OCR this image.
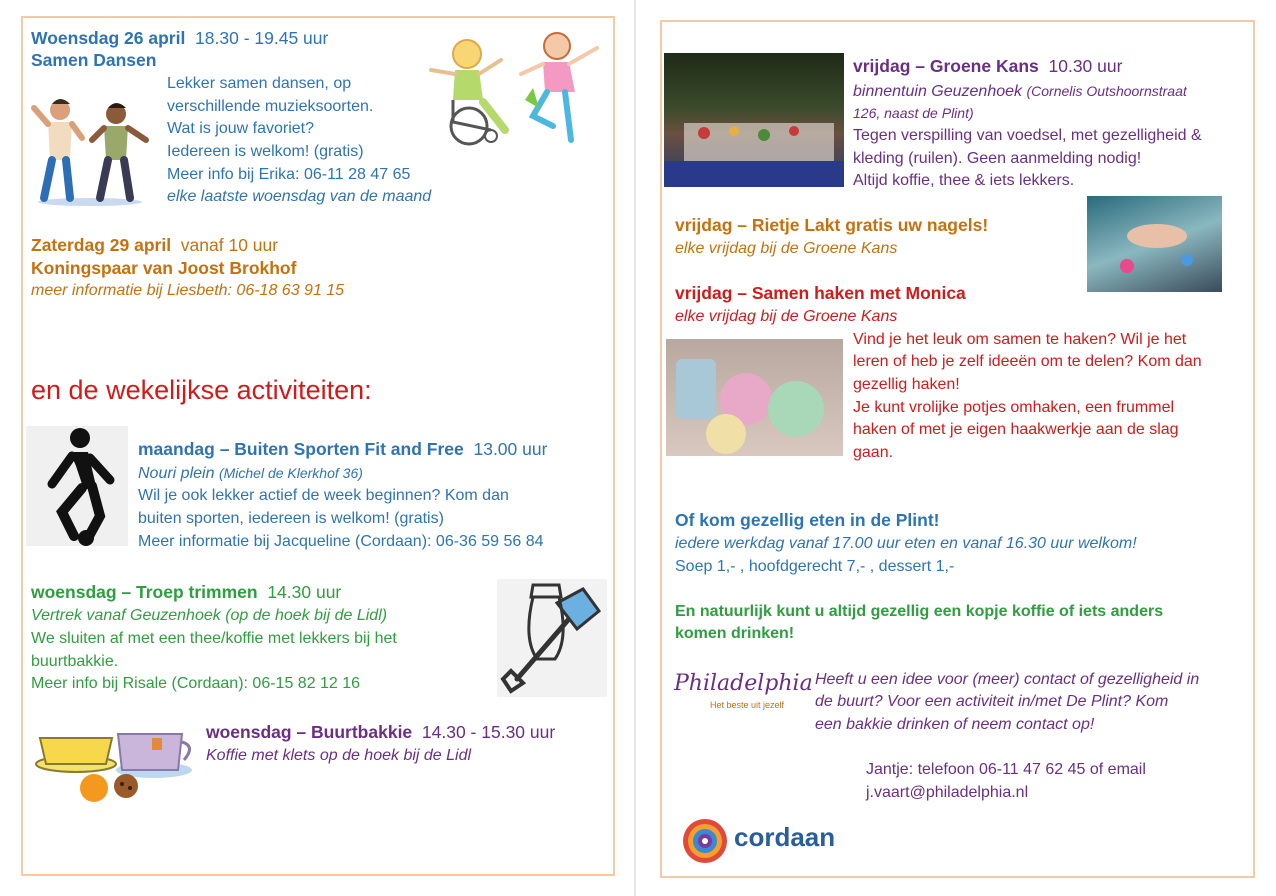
Woensdag 26 april 18.30 - 19.45 uur
Samen Dansen
Lekker samen dansen, op
verschillende muzieksoorten.
Wat is jouw favoriet?
Iedereen is welkom! (gratis)
Meer info bij Erika: 06-11 28 47 65
elke laatste woensdag van de maand
Zaterdag 29 april vanaf 10 uur
Koningspaar van Joost Brokhof
meer informatie bij Liesbeth: 06-18 63 91 15
en de wekelijkse activiteiten:
maandag – Buiten Sporten Fit and Free 13.00 uur
Nouri plein (Michel de Klerkhof 36)
Wil je ook lekker actief de week beginnen? Kom dan
buiten sporten, iedereen is welkom! (gratis)
Meer informatie bij Jacqueline (Cordaan): 06-36 59 56 84
woensdag – Troep trimmen 14.30 uur
Vertrek vanaf Geuzenhoek (op de hoek bij de Lidl)
We sluiten af met een thee/koffie met lekkers bij het
buurtbakkie.
Meer info bij Risale (Cordaan): 06-15 82 12 16
woensdag – Buurtbakkie 14.30 - 15.30 uur
Koffie met klets op de hoek bij de Lidl
vrijdag – Groene Kans 10.30 uur
binnentuin Geuzenhoek (Cornelis Outshoornstraat
126, naast de Plint)
Tegen verspilling van voedsel, met gezelligheid &
kleding (ruilen). Geen aanmelding nodig!
Altijd koffie, thee & iets lekkers.
vrijdag – Rietje Lakt gratis uw nagels!
elke vrijdag bij de Groene Kans
vrijdag – Samen haken met Monica
elke vrijdag bij de Groene Kans
Vind je het leuk om samen te haken? Wil je het
leren of heb je zelf ideeën om te delen? Kom dan
gezellig haken!
Je kunt vrolijke potjes omhaken, een frummel
haken of met je eigen haakwerkje aan de slag
gaan.
Of kom gezellig eten in de Plint!
iedere werkdag vanaf 17.00 uur eten en vanaf 16.30 uur welkom!
Soep 1,- , hoofdgerecht 7,- , dessert 1,-
En natuurlijk kunt u altijd gezellig een kopje koffie of iets anders
komen drinken!
Philadelphia
Het beste uit jezelf
Heeft u een idee voor (meer) contact of gezelligheid in
de buurt? Voor een activiteit in/met De Plint? Kom
een bakkie drinken of neem contact op!
Jantje: telefoon 06-11 47 62 45 of email
j.vaart@philadelphia.nl
cordaan
